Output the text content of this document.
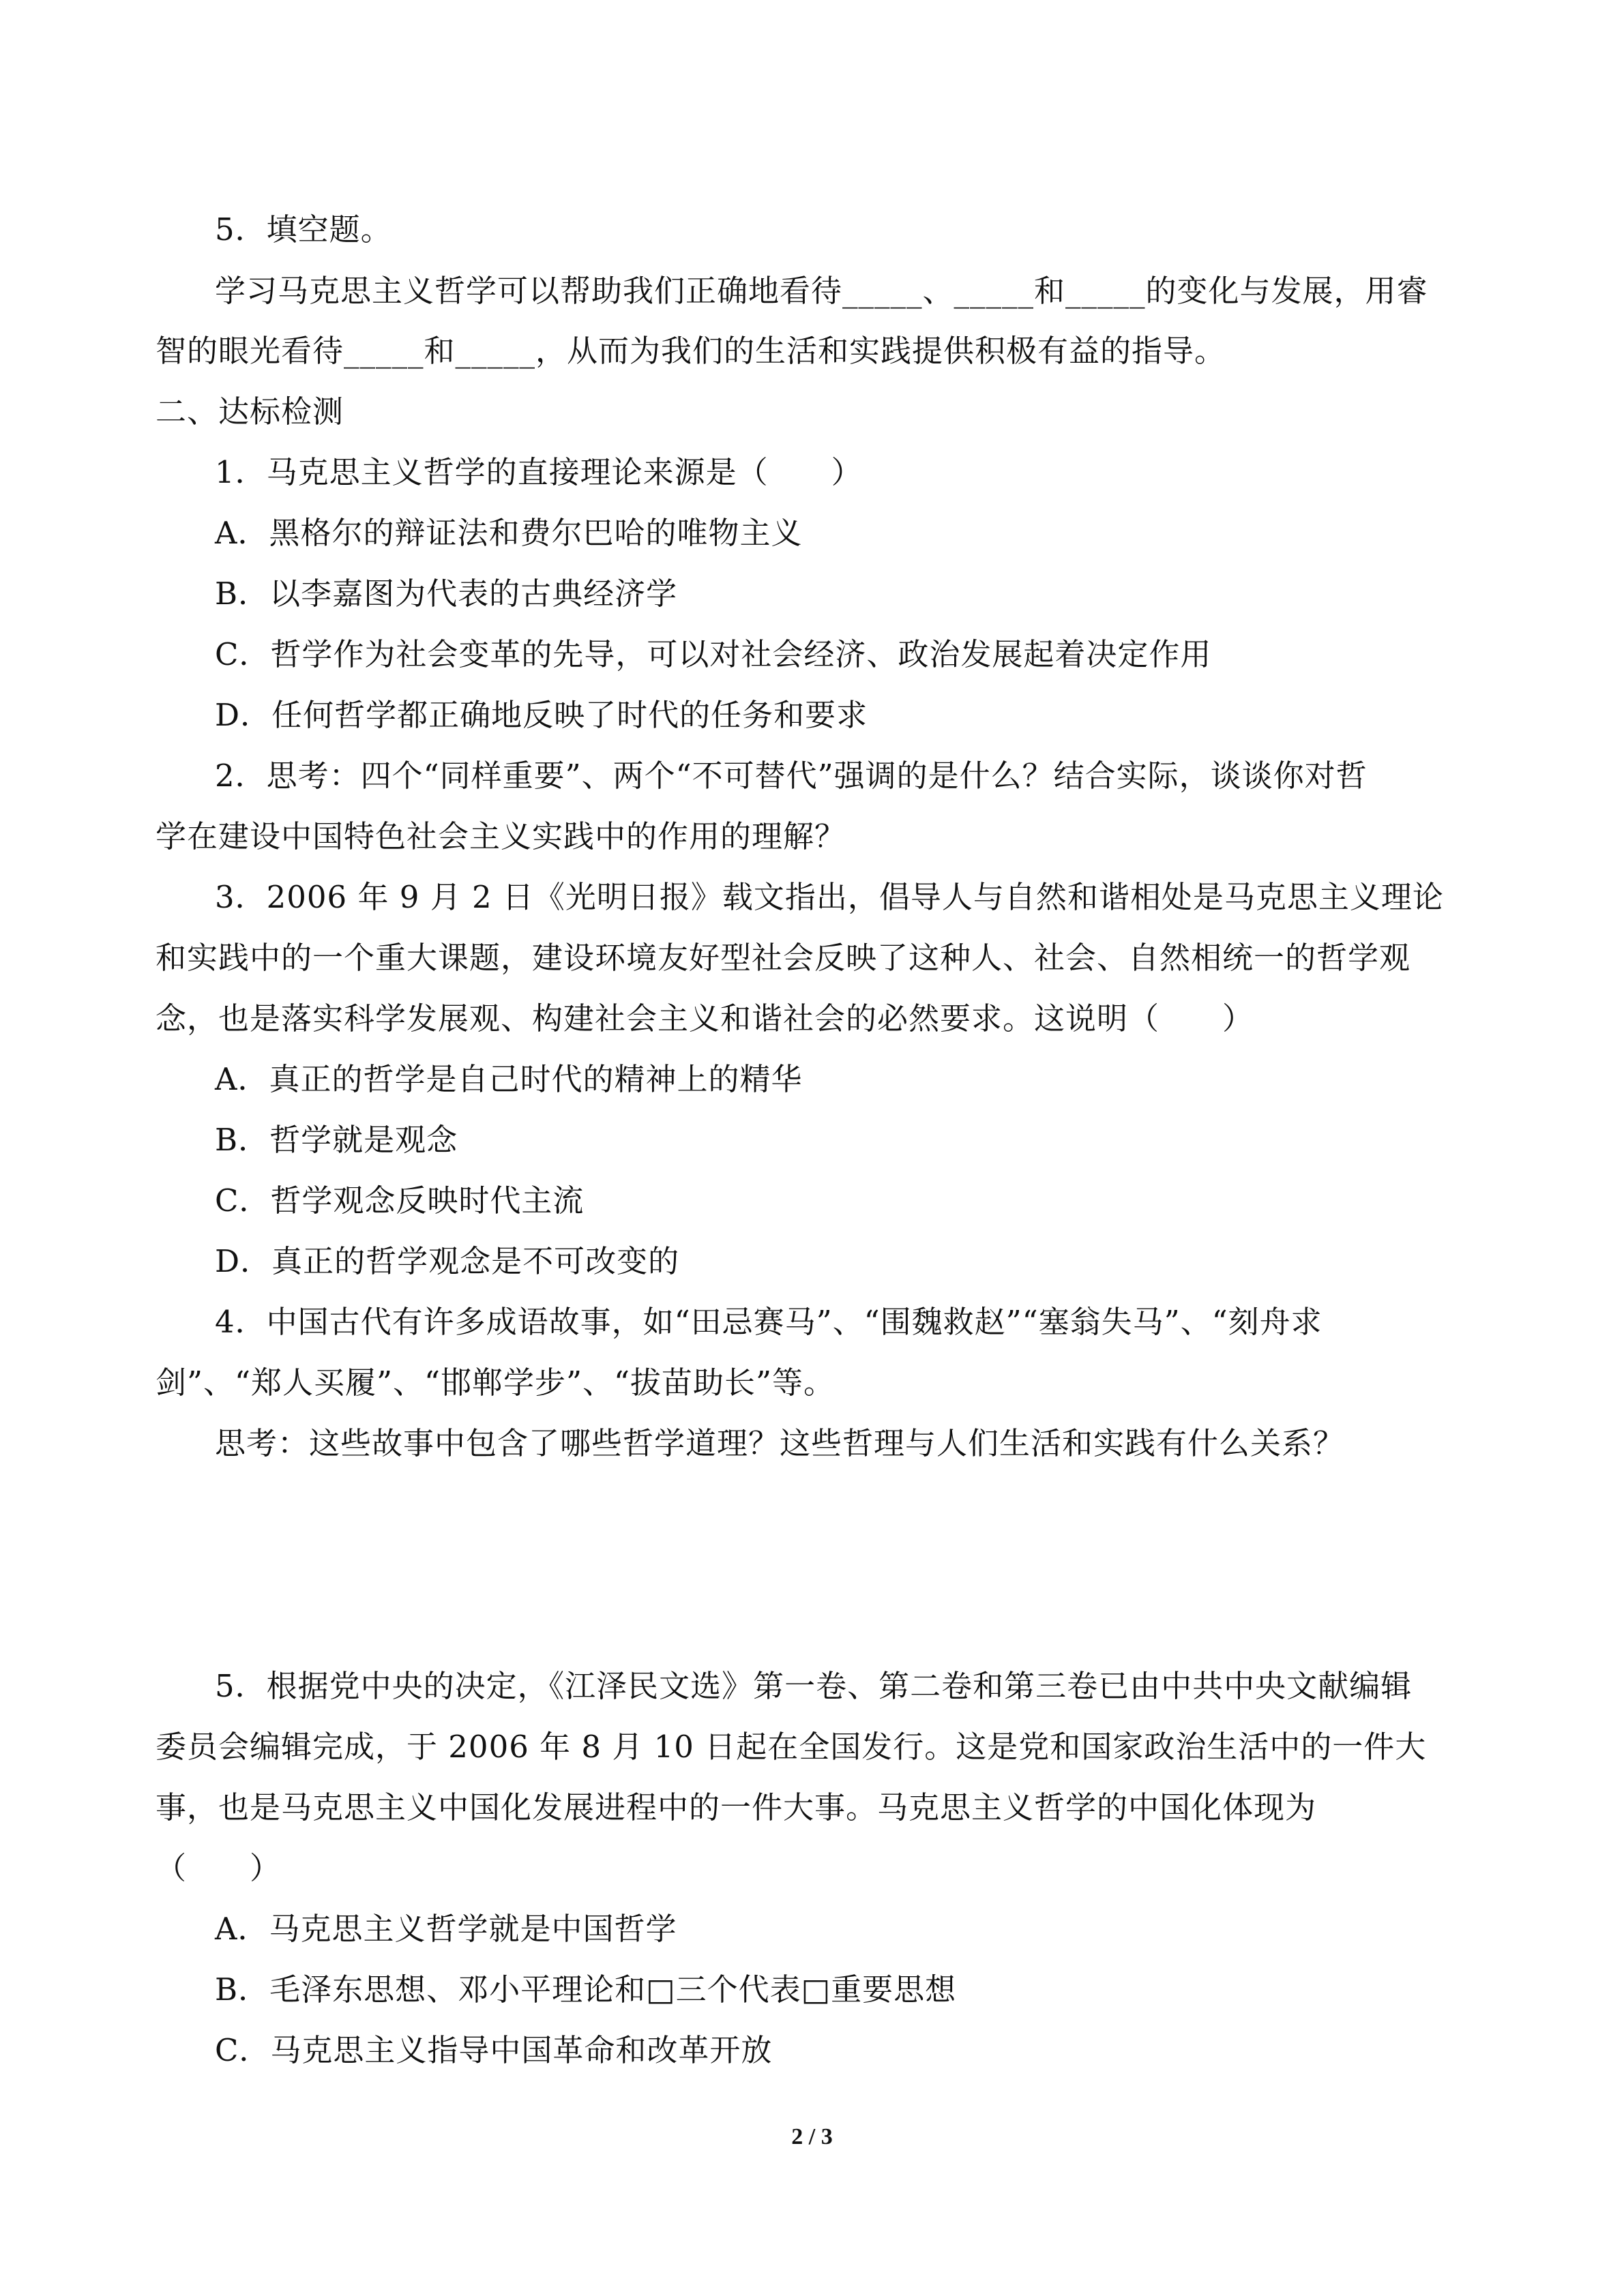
5．填空题。
学习马克思主义哲学可以帮助我们正确地看待_____、_____和_____的变化与发展，用睿
智的眼光看待_____和_____，从而为我们的生活和实践提供积极有益的指导。
二、达标检测
1．马克思主义哲学的直接理论来源是（　　）
A．黑格尔的辩证法和费尔巴哈的唯物主义
B．以李嘉图为代表的古典经济学
C．哲学作为社会变革的先导，可以对社会经济、政治发展起着决定作用
D．任何哲学都正确地反映了时代的任务和要求
2．思考：四个“同样重要”、两个“不可替代”强调的是什么？结合实际，谈谈你对哲
学在建设中国特色社会主义实践中的作用的理解？
3．2006 年 9 月 2 日《光明日报》载文指出，倡导人与自然和谐相处是马克思主义理论
和实践中的一个重大课题，建设环境友好型社会反映了这种人、社会、自然相统一的哲学观
念，也是落实科学发展观、构建社会主义和谐社会的必然要求。这说明（　　）
A．真正的哲学是自己时代的精神上的精华
B．哲学就是观念
C．哲学观念反映时代主流
D．真正的哲学观念是不可改变的
4．中国古代有许多成语故事，如“田忌赛马”、“围魏救赵”“塞翁失马”、“刻舟求
剑”、“郑人买履”、“邯郸学步”、“拔苗助长”等。
思考：这些故事中包含了哪些哲学道理？这些哲理与人们生活和实践有什么关系？
5．根据党中央的决定，《江泽民文选》第一卷、第二卷和第三卷已由中共中央文献编辑
委员会编辑完成，于 2006 年 8 月 10 日起在全国发行。这是党和国家政治生活中的一件大
事，也是马克思主义中国化发展进程中的一件大事。马克思主义哲学的中国化体现为
（　　）
A．马克思主义哲学就是中国哲学
B．毛泽东思想、邓小平理论和□三个代表□重要思想
C．马克思主义指导中国革命和改革开放
2 / 3
